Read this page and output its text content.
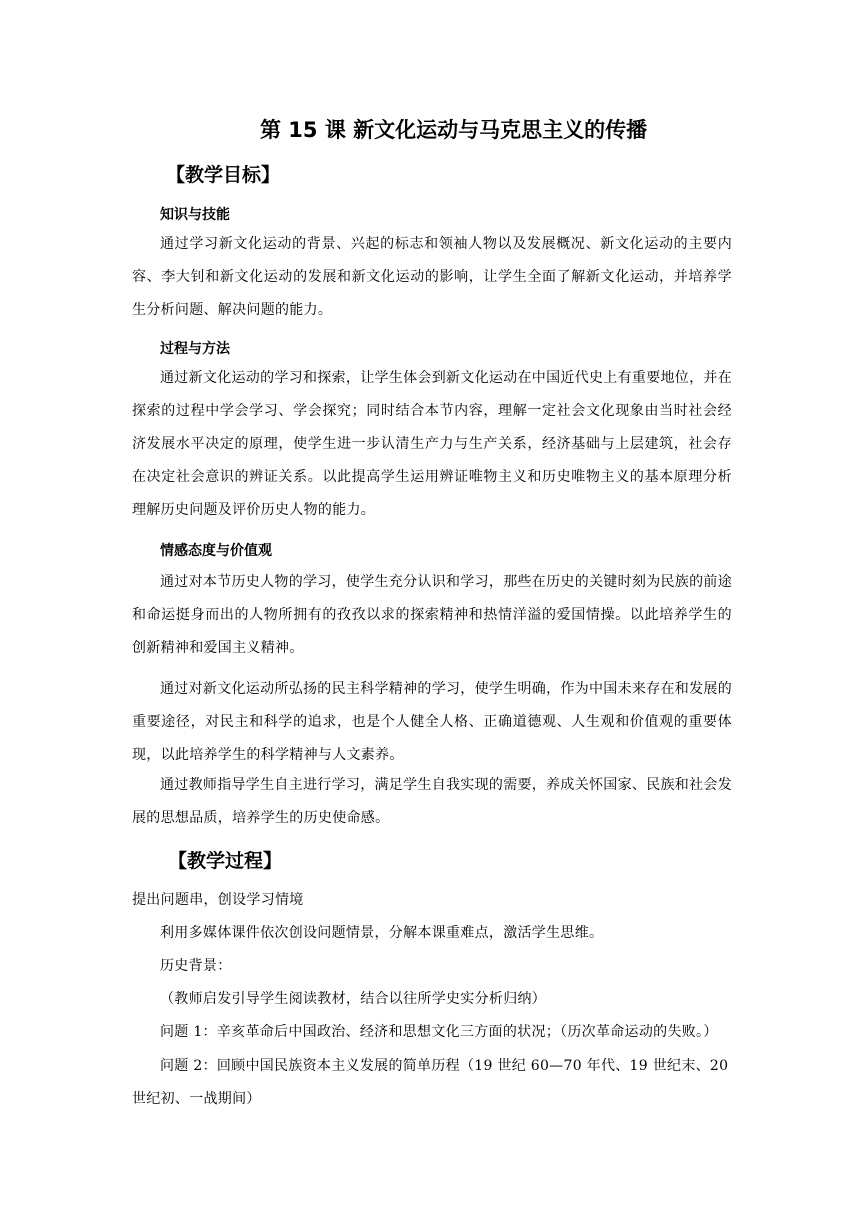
第 15 课 新文化运动与马克思主义的传播
【教学目标】
知识与技能
通过学习新文化运动的背景、兴起的标志和领袖人物以及发展概况、新文化运动的主要内容、李大钊和新文化运动的发展和新文化运动的影响，让学生全面了解新文化运动，并培养学生分析问题、解决问题的能力。
过程与方法
通过新文化运动的学习和探索，让学生体会到新文化运动在中国近代史上有重要地位，并在探索的过程中学会学习、学会探究；同时结合本节内容，理解一定社会文化现象由当时社会经济发展水平决定的原理，使学生进一步认清生产力与生产关系，经济基础与上层建筑，社会存在决定社会意识的辨证关系。以此提高学生运用辨证唯物主义和历史唯物主义的基本原理分析理解历史问题及评价历史人物的能力。
情感态度与价值观
通过对本节历史人物的学习，使学生充分认识和学习，那些在历史的关键时刻为民族的前途和命运挺身而出的人物所拥有的孜孜以求的探索精神和热情洋溢的爱国情操。以此培养学生的创新精神和爱国主义精神。
通过对新文化运动所弘扬的民主科学精神的学习，使学生明确，作为中国未来存在和发展的重要途径，对民主和科学的追求，也是个人健全人格、正确道德观、人生观和价值观的重要体现，以此培养学生的科学精神与人文素养。
通过教师指导学生自主进行学习，满足学生自我实现的需要，养成关怀国家、民族和社会发展的思想品质，培养学生的历史使命感。
【教学过程】
提出问题串，创设学习情境
利用多媒体课件依次创设问题情景，分解本课重难点，激活学生思维。
历史背景：
（教师启发引导学生阅读教材，结合以往所学史实分析归纳）
问题 1：辛亥革命后中国政治、经济和思想文化三方面的状况；（历次革命运动的失败。）
问题 2：回顾中国民族资本主义发展的简单历程（19 世纪 60—70 年代、19 世纪末、20
世纪初、一战期间）
